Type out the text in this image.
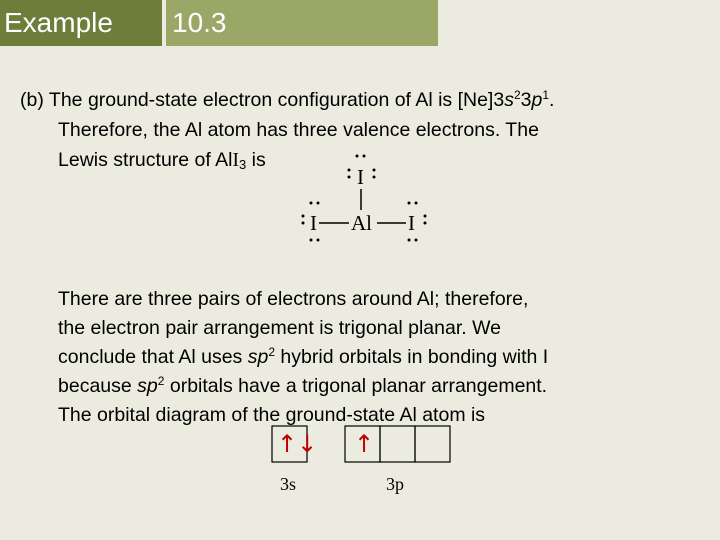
Example	10.3
(b) The ground-state electron configuration of Al is $[Ne]3s^23p^1$.
Therefore, the Al atom has three valence electrons. The
Lewis structure of AlI$_3$ is
I
I Al I
There are three pairs of electrons around Al; therefore,
the electron pair arrangement is trigonal planar. We
conclude that Al uses $sp^2$ hybrid orbitals in bonding with I
because $sp^2$ orbitals have a trigonal planar arrangement.
The orbital diagram of the ground-state Al atom is
↑↓ ↑
3s	3p
